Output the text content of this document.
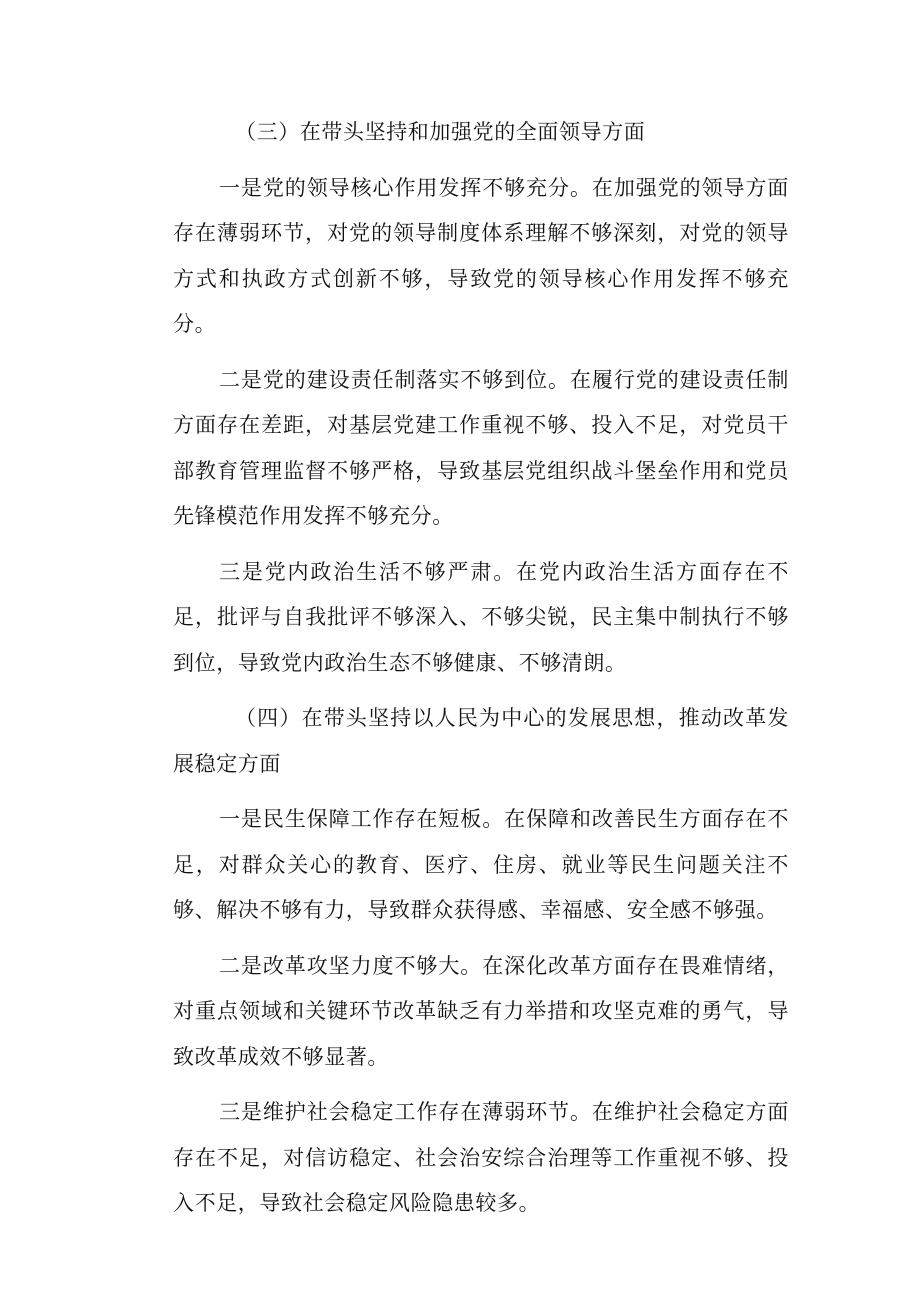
（三）在带头坚持和加强党的全面领导方面

一是党的领导核心作用发挥不够充分。在加强党的领导方面存在薄弱环节，对党的领导制度体系理解不够深刻，对党的领导方式和执政方式创新不够，导致党的领导核心作用发挥不够充分。

二是党的建设责任制落实不够到位。在履行党的建设责任制方面存在差距，对基层党建工作重视不够、投入不足，对党员干部教育管理监督不够严格，导致基层党组织战斗堡垒作用和党员先锋模范作用发挥不够充分。

三是党内政治生活不够严肃。在党内政治生活方面存在不足，批评与自我批评不够深入、不够尖锐，民主集中制执行不够到位，导致党内政治生态不够健康、不够清朗。

（四）在带头坚持以人民为中心的发展思想，推动改革发展稳定方面

一是民生保障工作存在短板。在保障和改善民生方面存在不足，对群众关心的教育、医疗、住房、就业等民生问题关注不够、解决不够有力，导致群众获得感、幸福感、安全感不够强。

二是改革攻坚力度不够大。在深化改革方面存在畏难情绪，对重点领域和关键环节改革缺乏有力举措和攻坚克难的勇气，导致改革成效不够显著。

三是维护社会稳定工作存在薄弱环节。在维护社会稳定方面存在不足，对信访稳定、社会治安综合治理等工作重视不够、投入不足，导致社会稳定风险隐患较多。
